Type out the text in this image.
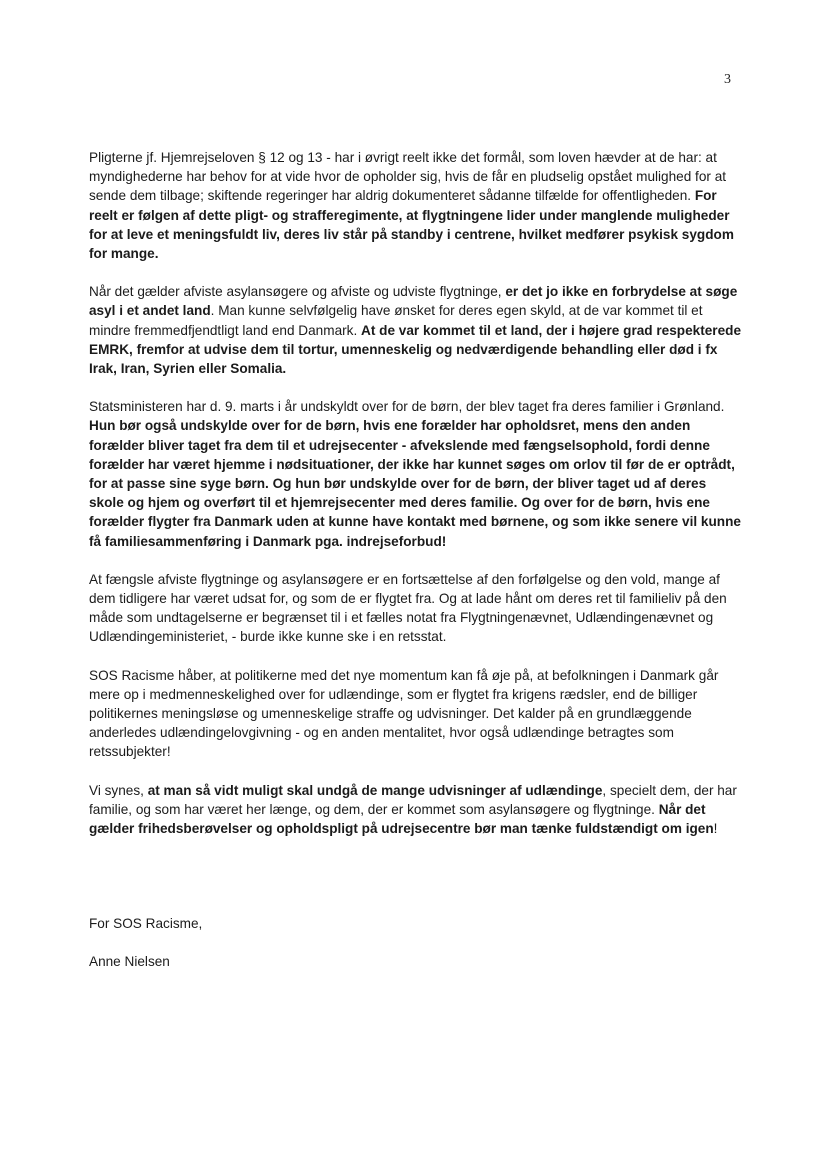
3

Pligterne jf. Hjemrejseloven § 12 og 13 - har i øvrigt reelt ikke det formål, som loven hævder at de har: at myndighederne har behov for at vide hvor de opholder sig, hvis de får en pludselig opstået mulighed for at sende dem tilbage; skiftende regeringer har aldrig dokumenteret sådanne tilfælde for offentligheden. For reelt er følgen af dette pligt- og strafferegimente, at flygtningene lider under manglende muligheder for at leve et meningsfuldt liv, deres liv står på standby i centrene, hvilket medfører psykisk sygdom for mange.

Når det gælder afviste asylansøgere og afviste og udviste flygtninge, er det jo ikke en forbrydelse at søge asyl i et andet land. Man kunne selvfølgelig have ønsket for deres egen skyld, at de var kommet til et mindre fremmedfjendtligt land end Danmark. At de var kommet til et land, der i højere grad respekterede EMRK, fremfor at udvise dem til tortur, umenneskelig og nedværdigende behandling eller død i fx Irak, Iran, Syrien eller Somalia.

Statsministeren har d. 9. marts i år undskyldt over for de børn, der blev taget fra deres familier i Grønland. Hun bør også undskylde over for de børn, hvis ene forælder har opholdsret, mens den anden forælder bliver taget fra dem til et udrejsecenter - afvekslende med fængselsophold, fordi denne forælder har været hjemme i nødsituationer, der ikke har kunnet søges om orlov til før de er optrådt, for at passe sine syge børn. Og hun bør undskylde over for de børn, der bliver taget ud af deres skole og hjem og overført til et hjemrejsecenter med deres familie. Og over for de børn, hvis ene forælder flygter fra Danmark uden at kunne have kontakt med børnene, og som ikke senere vil kunne få familiesammenføring i Danmark pga. indrejseforbud!

At fængsle afviste flygtninge og asylansøgere er en fortsættelse af den forfølgelse og den vold, mange af dem tidligere har været udsat for, og som de er flygtet fra. Og at lade hånt om deres ret til familieliv på den måde som undtagelserne er begrænset til i et fælles notat fra Flygtningenævnet, Udlændingenævnet og Udlændingeministeriet, - burde ikke kunne ske i en retsstat.

SOS Racisme håber, at politikerne med det nye momentum kan få øje på, at befolkningen i Danmark går mere op i medmenneskelighed over for udlændinge, som er flygtet fra krigens rædsler, end de billiger politikernes meningsløse og umenneskelige straffe og udvisninger. Det kalder på en grundlæggende anderledes udlændingelovgivning - og en anden mentalitet, hvor også udlændinge betragtes som retssubjekter!

Vi synes, at man så vidt muligt skal undgå de mange udvisninger af udlændinge, specielt dem, der har familie, og som har været her længe, og dem, der er kommet som asylansøgere og flygtninge. Når det gælder frihedsberøvelser og opholdspligt på udrejsecentre bør man tænke fuldstændigt om igen!

For SOS Racisme,
Anne Nielsen
